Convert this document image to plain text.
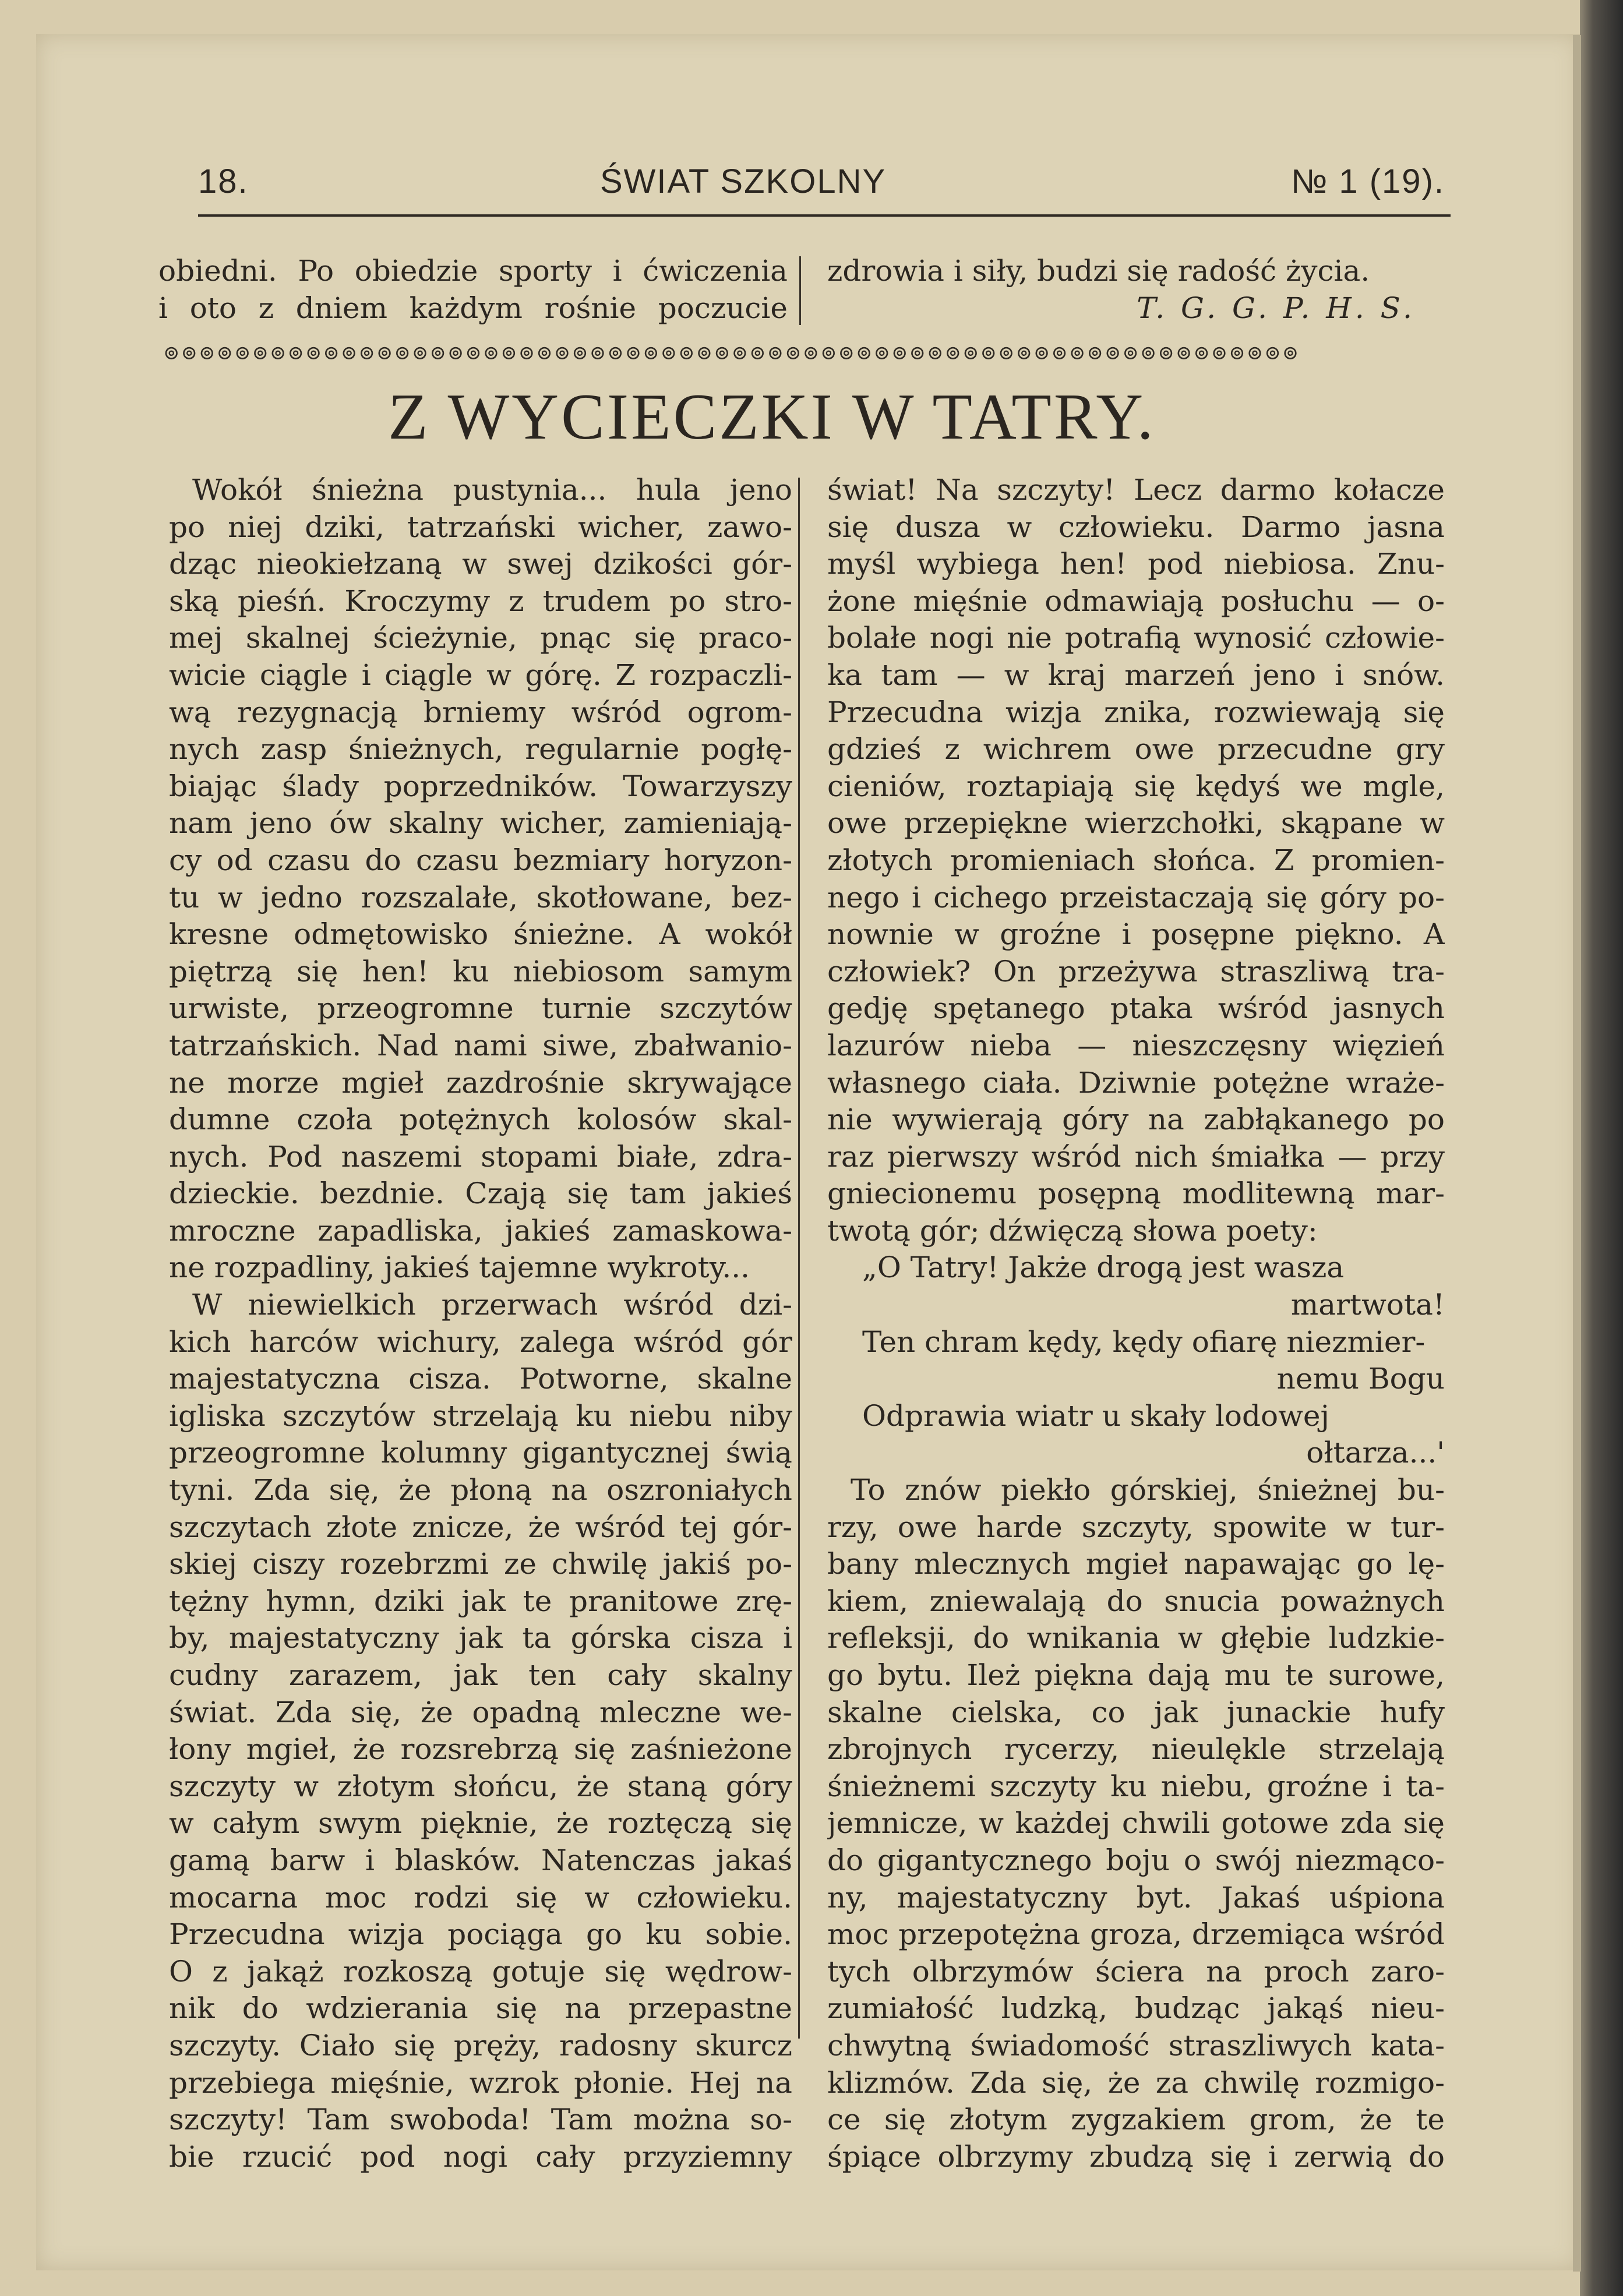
18.	ŚWIAT SZKOLNY	№ 1 (19).
obiedni. Po obiedzie sporty i ćwiczenia
i oto z dniem każdym rośnie poczucie
zdrowia i siły, budzi się radość życia.
T. G. G. P. H. S.
⊚⊚⊚⊚⊚⊚⊚⊚⊚⊚⊚⊚⊚⊚⊚⊚⊚⊚⊚⊚⊚⊚⊚⊚⊚⊚⊚⊚⊚⊚⊚⊚⊚⊚⊚⊚⊚⊚⊚⊚⊚⊚⊚⊚⊚⊚⊚⊚⊚⊚⊚⊚⊚⊚⊚⊚⊚⊚⊚⊚⊚⊚⊚⊚
Z WYCIECZKI W TATRY.
Wokół śnieżna pustynia... hula jeno
po niej dziki, tatrzański wicher, zawo-
dząc nieokiełzaną w swej dzikości gór-
ską pieśń. Kroczymy z trudem po stro-
mej skalnej ścieżynie, pnąc się praco-
wicie ciągle i ciągle w górę. Z rozpaczli-
wą rezygnacją brniemy wśród ogrom-
nych zasp śnieżnych, regularnie pogłę-
biając ślady poprzedników. Towarzyszy
nam jeno ów skalny wicher, zamieniają-
cy od czasu do czasu bezmiary horyzon-
tu w jedno rozszalałe, skotłowane, bez-
kresne odmętowisko śnieżne. A wokół
piętrzą się hen! ku niebiosom samym
urwiste, przeogromne turnie szczytów
tatrzańskich. Nad nami siwe, zbałwanio-
ne morze mgieł zazdrośnie skrywające
dumne czoła potężnych kolosów skal-
nych. Pod naszemi stopami białe, zdra-
dzieckie. bezdnie. Czają się tam jakieś
mroczne zapadliska, jakieś zamaskowa-
ne rozpadliny, jakieś tajemne wykroty...
W niewielkich przerwach wśród dzi-
kich harców wichury, zalega wśród gór
majestatyczna cisza. Potworne, skalne
igliska szczytów strzelają ku niebu niby
przeogromne kolumny gigantycznej świą
tyni. Zda się, że płoną na oszroniałych
szczytach złote znicze, że wśród tej gór-
skiej ciszy rozebrzmi ze chwilę jakiś po-
tężny hymn, dziki jak te pranitowe zrę-
by, majestatyczny jak ta górska cisza i
cudny zarazem, jak ten cały skalny
świat. Zda się, że opadną mleczne we-
łony mgieł, że rozsrebrzą się zaśnieżone
szczyty w złotym słońcu, że staną góry
w całym swym pięknie, że roztęczą się
gamą barw i blasków. Natenczas jakaś
mocarna moc rodzi się w człowieku.
Przecudna wizja pociąga go ku sobie.
O z jakąż rozkoszą gotuje się wędrow-
nik do wdzierania się na przepastne
szczyty. Ciało się pręży, radosny skurcz
przebiega mięśnie, wzrok płonie. Hej na
szczyty! Tam swoboda! Tam można so-
bie rzucić pod nogi cały przyziemny
świat! Na szczyty! Lecz darmo kołacze
się dusza w człowieku. Darmo jasna
myśl wybiega hen! pod niebiosa. Znu-
żone mięśnie odmawiają posłuchu — o-
bolałe nogi nie potrafią wynosić człowie-
ka tam — w kraj marzeń jeno i snów.
Przecudna wizja znika, rozwiewają się
gdzieś z wichrem owe przecudne gry
cieniów, roztapiają się kędyś we mgle,
owe przepiękne wierzchołki, skąpane w
złotych promieniach słońca. Z promien-
nego i cichego przeistaczają się góry po-
nownie w groźne i posępne piękno. A
człowiek? On przeżywa straszliwą tra-
gedję spętanego ptaka wśród jasnych
lazurów nieba — nieszczęsny więzień
własnego ciała. Dziwnie potężne wraże-
nie wywierają góry na zabłąkanego po
raz pierwszy wśród nich śmiałka — przy
gniecionemu posępną modlitewną mar-
twotą gór; dźwięczą słowa poety:
„O Tatry! Jakże drogą jest wasza
martwota!
Ten chram kędy, kędy ofiarę niezmier-
nemu Bogu
Odprawia wiatr u skały lodowej
ołtarza...'
To znów piekło górskiej, śnieżnej bu-
rzy, owe harde szczyty, spowite w tur-
bany mlecznych mgieł napawając go lę-
kiem, zniewalają do snucia poważnych
refleksji, do wnikania w głębie ludzkie-
go bytu. Ileż piękna dają mu te surowe,
skalne cielska, co jak junackie hufy
zbrojnych rycerzy, nieulękle strzelają
śnieżnemi szczyty ku niebu, groźne i ta-
jemnicze, w każdej chwili gotowe zda się
do gigantycznego boju o swój niezmąco-
ny, majestatyczny byt. Jakaś uśpiona
moc przepotężna groza, drzemiąca wśród
tych olbrzymów ściera na proch zaro-
zumiałość ludzką, budząc jakąś nieu-
chwytną świadomość straszliwych kata-
klizmów. Zda się, że za chwilę rozmigo-
ce się złotym zygzakiem grom, że te
śpiące olbrzymy zbudzą się i zerwią do
